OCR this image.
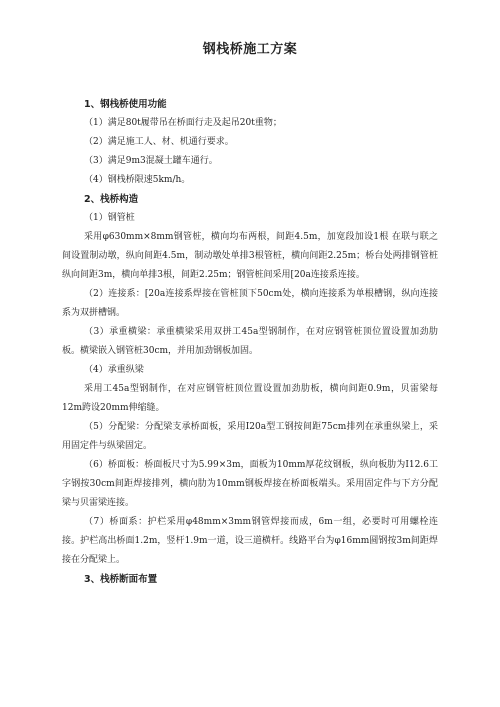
钢栈桥施工方案
1、钢栈桥使用功能
（1）满足80t履带吊在桥面行走及起吊20t重物；
（2）满足施工人、材、机通行要求。
（3）满足9m3混凝土罐车通行。
（4）钢栈桥限速5km/h。
2、栈桥构造
（1）钢管桩

采用φ630mm×8mm钢管桩，横向均布两根，间距4.5m，加宽段加设1根 在联与联之间设置制动墩，纵向间距4.5m，制动墩处单排3根管桩，横向间距2.25m；桥台处两排钢管桩纵向间距3m，横向单排3根，间距2.25m；钢管桩间采用[20a连接系连接。

（2）连接系：[20a连接系焊接在管桩顶下50cm处，横向连接系为单根槽钢，纵向连接系为双拼槽钢。

（3）承重横梁：承重横梁采用双拼工45a型钢制作，在对应钢管桩顶位置设置加劲肋板。横梁嵌入钢管桩30cm，并用加劲钢板加固。

（4）承重纵梁

采用工45a型钢制作，在对应钢管桩顶位置设置加劲肋板，横向间距0.9m，贝雷梁每12m跨设20mm伸缩缝。

（5）分配梁：分配梁支承桥面板，采用I20a型工钢按间距75cm排列在承重纵梁上，采用固定件与纵梁固定。

（6）桥面板：桥面板尺寸为5.99×3m，面板为10mm厚花纹钢板，纵向板肋为I12.6工字钢按30cm间距焊接排列，横向肋为10mm钢板焊接在桥面板端头。采用固定件与下方分配梁与贝雷梁连接。

（7）桥面系：护栏采用φ48mm×3mm钢管焊接而成，6m一组，必要时可用螺栓连接。护栏高出桥面1.2m，竖杆1.9m一道，设三道横杆。线路平台为φ16mm圆钢按3m间距焊接在分配梁上。

3、栈桥断面布置
